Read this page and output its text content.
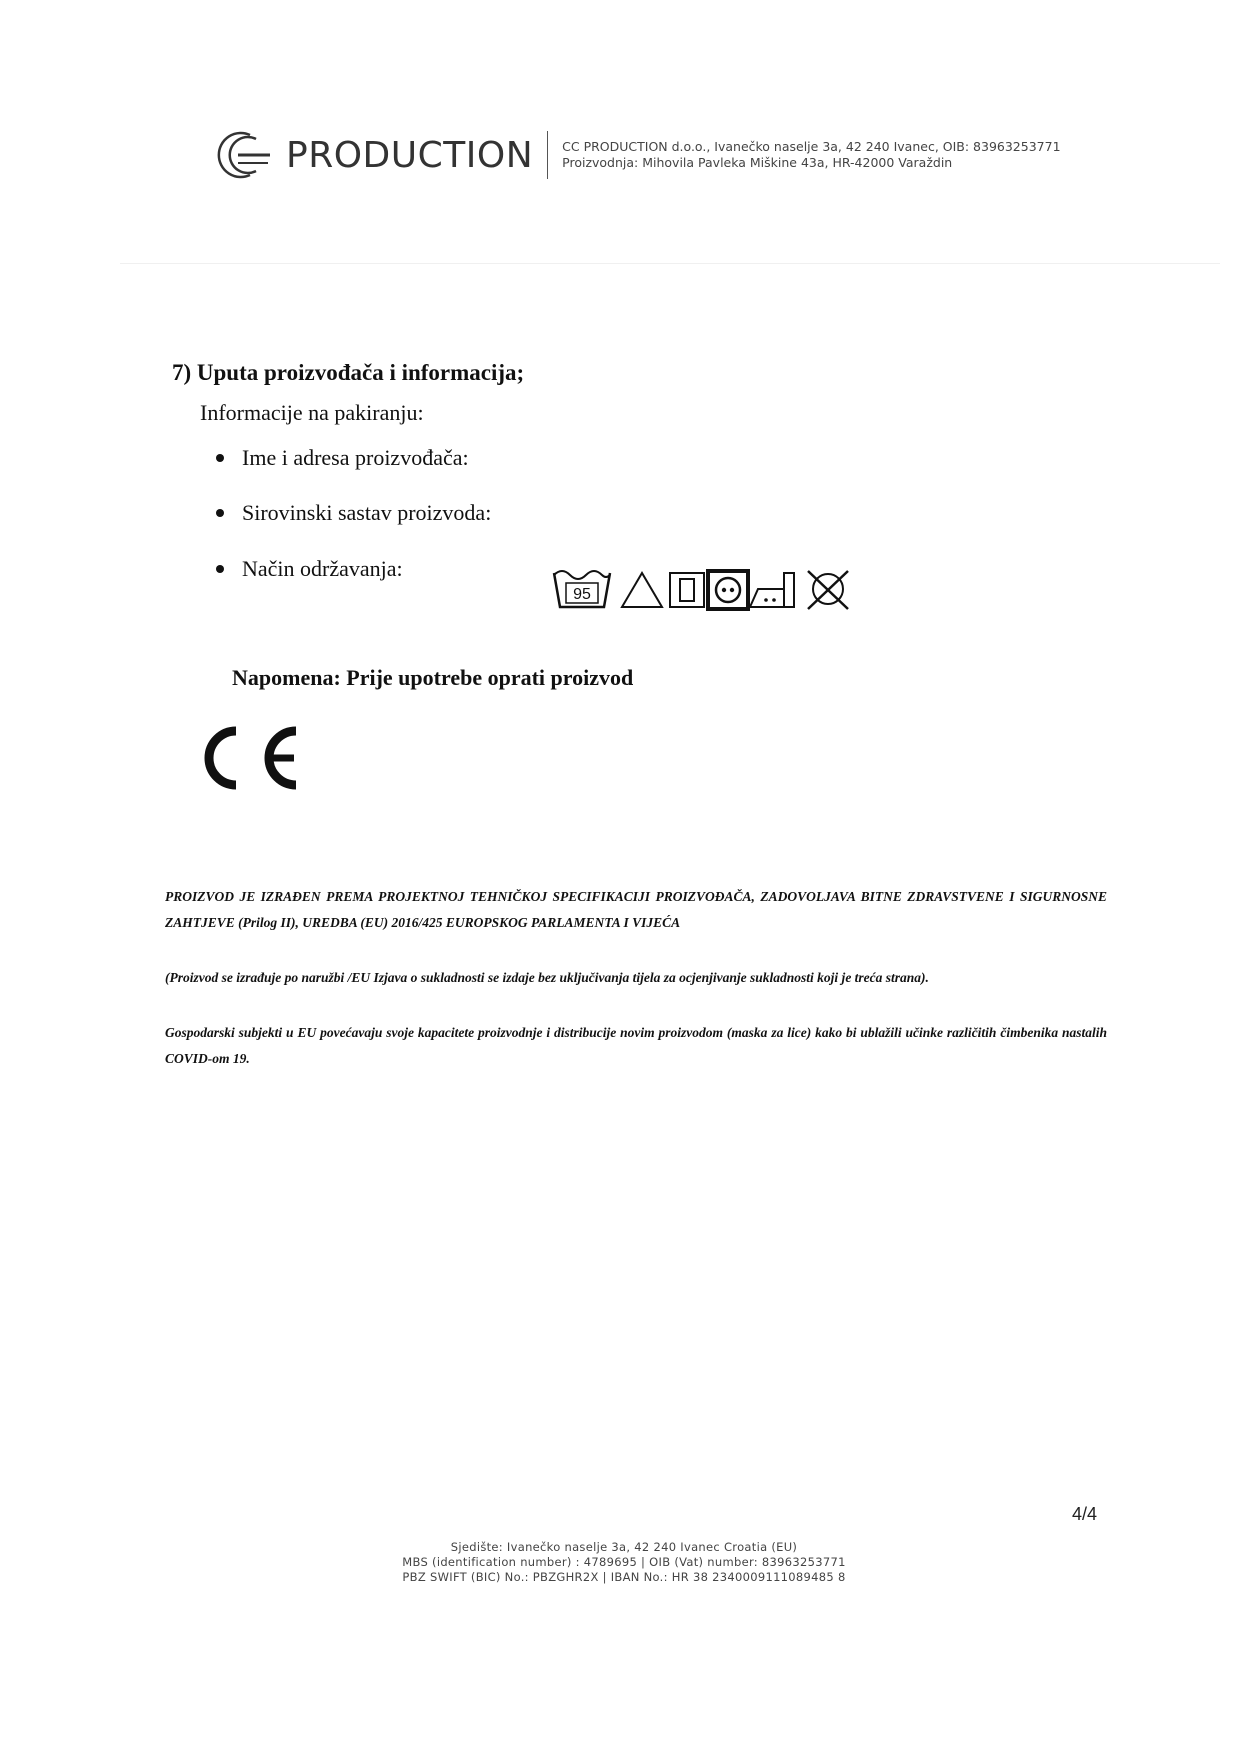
PRODUCTION CC PRODUCTION d.o.o., Ivanečko naselje 3a, 42 240 Ivanec, OIB: 83963253771
Proizvodnja: Mihovila Pavleka Miškine 43a, HR-42000 Varaždin
7) Uputa proizvođača i informacija;
Informacije na pakiranju:
Ime i adresa proizvođača:
Sirovinski sastav proizvoda:
Način održavanja:
95
Napomena: Prije upotrebe oprati proizvod
PROIZVOD JE IZRAĐEN PREMA PROJEKTNOJ TEHNIČKOJ SPECIFIKACIJI PROIZVOĐAČA, ZADOVOLJAVA BITNE ZDRAVSTVENE I SIGURNOSNE ZAHTJEVE (Prilog II), UREDBA (EU) 2016/425 EUROPSKOG PARLAMENTA I VIJEĆA
(Proizvod se izrađuje po naružbi /EU Izjava o sukladnosti se izdaje bez uključivanja tijela za ocjenjivanje sukladnosti koji je treća strana).
Gospodarski subjekti u EU povećavaju svoje kapacitete proizvodnje i distribucije novim proizvodom (maska za lice) kako bi ublažili učinke različitih čimbenika nastalih COVID-om 19.
4/4
Sjedište: Ivanečko naselje 3a, 42 240 Ivanec Croatia (EU)
MBS (identification number) : 4789695 | OIB (Vat) number: 83963253771
PBZ SWIFT (BIC) No.: PBZGHR2X | IBAN No.: HR 38 2340009111089485 8
